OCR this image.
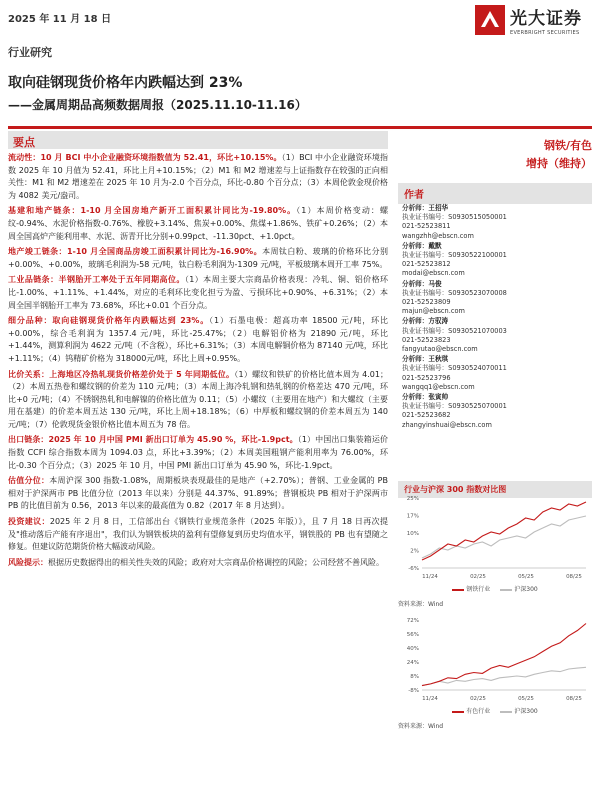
2025 年 11 月 18 日	光大证券
EVERBRIGHT SECURITIES
行业研究
取向硅钢现货价格年内跌幅达到 23%
——金属周期品高频数据周报（2025.11.10-11.16）
要点
流动性：10 月 BCI 中小企业融资环境指数值为 52.41，环比+10.15%。（1）BCI 中小企业融资环境指数 2025 年 10 月值为 52.41，环比上月+10.15%；（2）M1 和 M2 增速差与上证指数存在较强的正向相关性：M1 和 M2 增速差在 2025 年 10 月为-2.0 个百分点，环比-0.80 个百分点；（3）本周伦敦金现价格为 4082 美元/盎司。
基建和地产链条：1-10 月全国房地产新开工面积累计同比为-19.80%。（1）本周价格变动：螺纹-0.94%、水泥价格指数-0.76%、橡胶+3.14%、焦炭+0.00%、焦煤+1.86%、铁矿+0.26%；（2）本周全国高炉产能利用率、水泥、沥青开比分别+0.99pct、-11.30pct、+1.0pct。
地产竣工链条：1-10 月全国商品房竣工面积累计同比为-16.90%。本周钛白粉、玻璃的价格环比分别+0.00%、+0.00%，玻璃毛利润为-58 元/吨，钛白粉毛利润为-1309 元/吨，平板玻璃本周开工率 75%。
工业品链条：半钢胎开工率处于五年同期高位。（1）本周主要大宗商品价格表现：冷轧、铜、铝价格环比-1.00%、+1.11%、+1.44%，对应的毛利环比变化担亏为盈、亏损环比+0.90%、+6.31%；（2）本周全国半钢胎开工率为 73.68%，环比+0.01 个百分点。
细分品种：取向硅钢现货价格年内跌幅达到 23%。（1）石墨电极：超高功率 18500 元/吨，环比+0.00%，综合毛利润为 1357.4 元/吨，环比-25.47%；（2）电解铝价格为 21890 元/吨，环比+1.44%，测算利润为 4622 元/吨（不含税），环比+6.31%；（3）本周电解铜价格为 87140 元/吨，环比+1.11%；（4）钨精矿价格为 318000元/吨，环比上周+0.95%。
比价关系：上海地区冷热轧现货价格差价处于 5 年同期低位。（1）螺纹和铁矿的价格比值本周为 4.01；（2）本周五热卷和螺纹钢的价差为 110 元/吨；（3）本周上海冷轧钢和热轧钢的价格差达 470 元/吨，环比+0 元/吨；（4）不锈钢热轧和电解镍的价格比值为 0.11；（5）小螺纹（主要用在地产）和大螺纹（主要用在基建）的价差本周五达 130 元/吨，环比上周+18.18%；（6）中厚板和螺纹钢的价差本周五为 140 元/吨；（7）伦敦现货金银价格比值本周五为 78 倍。
出口链条：2025 年 10 月中国 PMI 新出口订单为 45.90 %，环比-1.9pct。（1）中国出口集装箱运价指数 CCFI 综合指数本周为 1094.03 点，环比+3.39%；（2）本周美国粗钢产能利用率为 76.00%，环比-0.30 个百分点；（3）2025 年 10 月，中国 PMI 新出口订单为 45.90 %，环比-1.9pct。
估值分位：本周沪深 300 指数-1.08%，周期板块表现最佳的是地产（+2.70%）；普钢、工业金属的 PB 相对于沪深两市 PB 比值分位（2013 年以来）分别是 44.37%、91.89%；普钢板块 PB 相对于沪深两市 PB 的比值目前为 0.56，2013 年以来的最高值为 0.82（2017 年 8 月达到）。
投资建议：2025 年 2 月 8 日，工信部出台《钢铁行业规范条件（2025 年版）》，且 7 月 18 日再次提及"推动落后产能有序退出"，我们认为钢铁板块的盈利有望修复到历史均值水平，钢铁股的 PB 也有望随之修复。但建议防范期货价格大幅波动风险。
风险提示：根据历史数据得出的相关性失效的风险；政府对大宗商品价格调控的风险；公司经营不善风险。
钢铁/有色
增持（维持）
作者
分析师：王招华
执业证书编号：S0930515050001
021-52523811
wangzhh@ebscn.com
分析师：戴默
执业证书编号：S0930522100001
021-52523812
modai@ebscn.com
分析师：马俊
执业证书编号：S0930523070008
021-52523809
majun@ebscn.com
分析师：方驭涛
执业证书编号：S0930521070003
021-52523823
fangyutao@ebscn.com
分析师：王秋琪
执业证书编号：S0930524070011
021-52523796
wangqq1@ebscn.com
分析师：张寅帅
执业证书编号：S0930525070001
021-52523682
zhangyinshuai@ebscn.com
行业与沪深 300 指数对比图
25%
17%
10%
2%
-6%
11/24	02/25	05/25	08/25
钢铁行业	沪深300
资料来源：Wind
72%
56%
40%
24%
8%
-8%
11/24	02/25	05/25	08/25
有色行业	沪深300
资料来源：Wind
